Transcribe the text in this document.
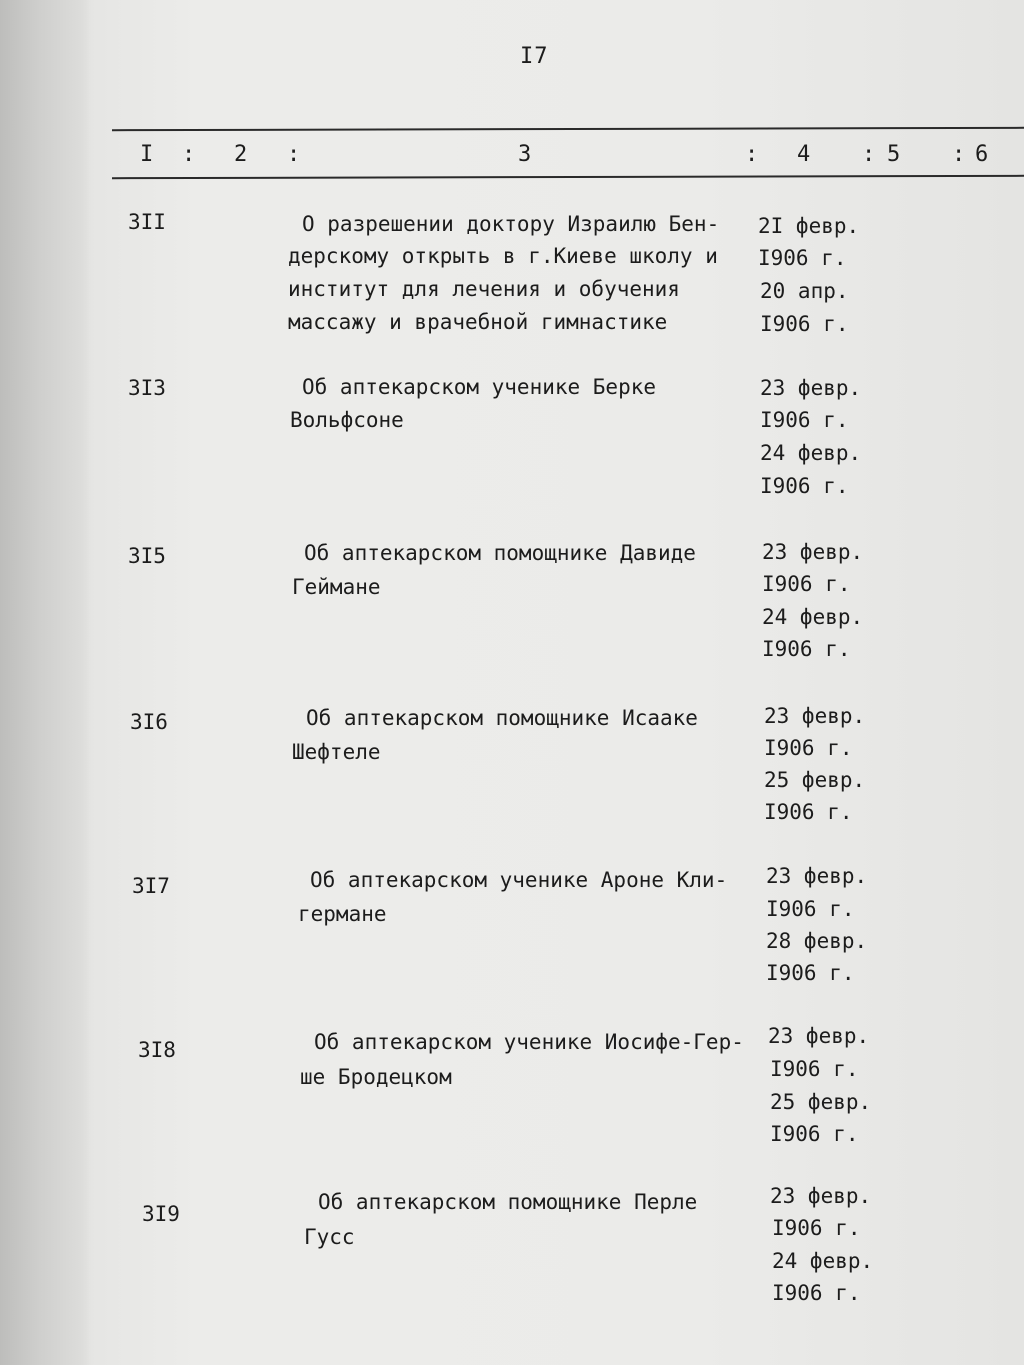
I7
I : 2 :	3	: 4 : 5 : 6
3II	О разрешении доктору Израилю Бен-
дерскому открыть в г.Киеве школу и
институт для лечения и обучения
массажу и врачебной гимнастике
2I февр.
I906 г.
20 апр.
I906 г.
3I3	Об аптекарском ученике Берке
Вольфсоне
23 февр.
I906 г.
24 февр.
I906 г.
3I5	Об аптекарском помощнике Давиде
Геймане
23 февр.
I906 г.
24 февр.
I906 г.
3I6	Об аптекарском помощнике Исааке
Шефтеле
23 февр.
I906 г.
25 февр.
I906 г.
3I7	Об аптекарском ученике Ароне Кли-
германе
23 февр.
I906 г.
28 февр.
I906 г.
3I8	Об аптекарском ученике Иосифе-Гер-
ше Бродецком
23 февр.
I906 г.
25 февр.
I906 г.
3I9	Об аптекарском помощнике Перле
Гусс
23 февр.
I906 г.
24 февр.
I906 г.
